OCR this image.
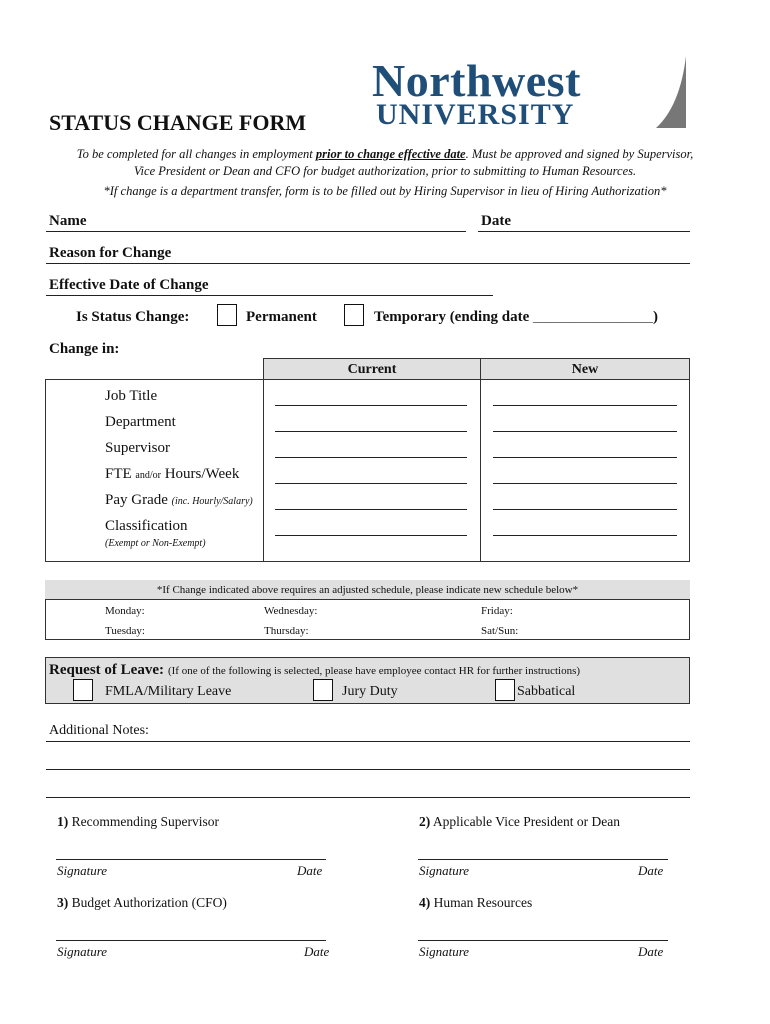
Northwest
UNIVERSITY
STATUS CHANGE FORM
To be completed for all changes in employment prior to change effective date. Must be approved and signed by Supervisor,
Vice President or Dean and CFO for budget authorization, prior to submitting to Human Resources.
*If change is a department transfer, form is to be filled out by Hiring Supervisor in lieu of Hiring Authorization*
Name	Date
Reason for Change
Effective Date of Change
Is Status Change:	Permanent	Temporary (ending date ____________________)
Change in:
Current	New
Job Title
Department
Supervisor
FTE and/or Hours/Week
Pay Grade (inc. Hourly/Salary)
Classification
(Exempt or Non-Exempt)
*If Change indicated above requires an adjusted schedule, please indicate new schedule below*
Monday:	Wednesday:	Friday:
Tuesday:	Thursday:	Sat/Sun:
Request of Leave: (If one of the following is selected, please have employee contact HR for further instructions)
FMLA/Military Leave	Jury Duty	Sabbatical
Additional Notes:
1) Recommending Supervisor	2) Applicable Vice President or Dean
Signature	Date	Signature	Date
3) Budget Authorization (CFO)	4) Human Resources
Signature	Date	Signature	Date
